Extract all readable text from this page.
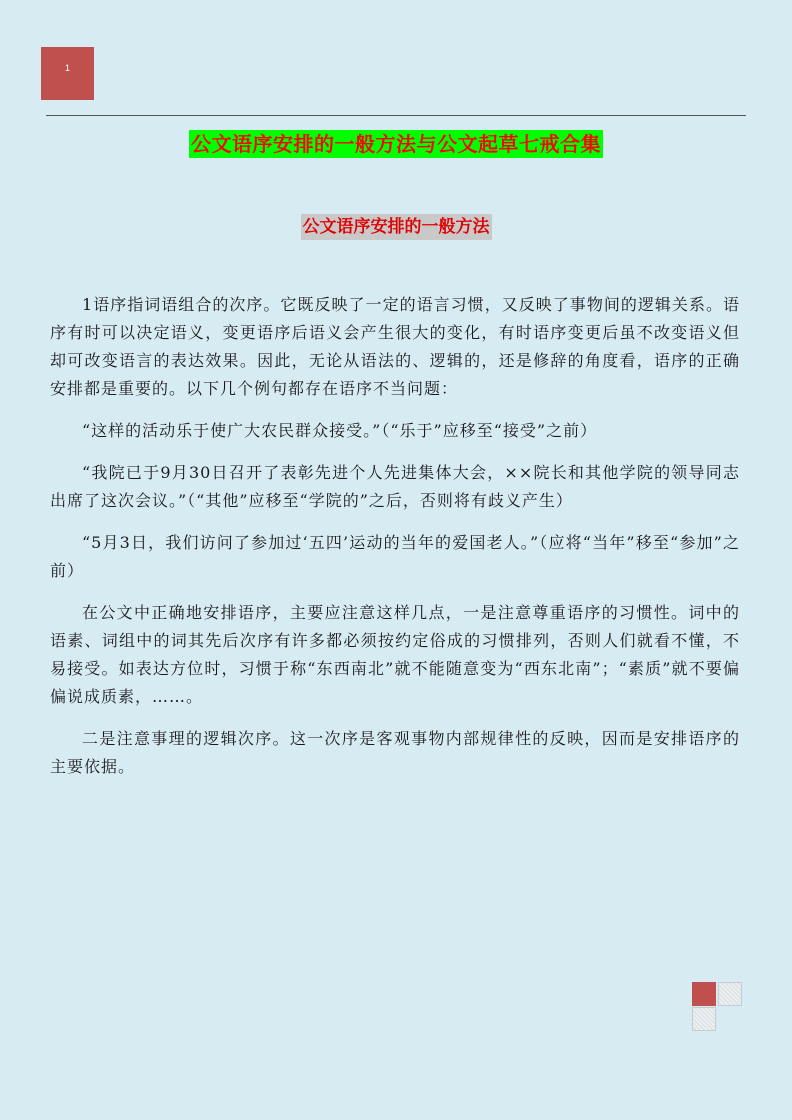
1
公文语序安排的一般方法与公文起草七戒合集
公文语序安排的一般方法

1语序指词语组合的次序。它既反映了一定的语言习惯，又反映了事物间的逻辑关系。语序有时可以决定语义，变更语序后语义会产生很大的变化，有时语序变更后虽不改变语义但却可改变语言的表达效果。因此，无论从语法的、逻辑的，还是修辞的角度看，语序的正确安排都是重要的。以下几个例句都存在语序不当问题：

“这样的活动乐于使广大农民群众接受。”（“乐于”应移至“接受”之前）

“我院已于9月30日召开了表彰先进个人先进集体大会，××院长和其他学院的领导同志出席了这次会议。”（“其他”应移至“学院的”之后，否则将有歧义产生）

“5月3日，我们访问了参加过‘五四’运动的当年的爱国老人。”（应将“当年”移至“参加”之前）

在公文中正确地安排语序，主要应注意这样几点，一是注意尊重语序的习惯性。词中的语素、词组中的词其先后次序有许多都必须按约定俗成的习惯排列，否则人们就看不懂，不易接受。如表达方位时，习惯于称“东西南北”就不能随意变为“西东北南”；“素质”就不要偏偏说成质素，……。

二是注意事理的逻辑次序。这一次序是客观事物内部规律性的反映，因而是安排语序的主要依据。
